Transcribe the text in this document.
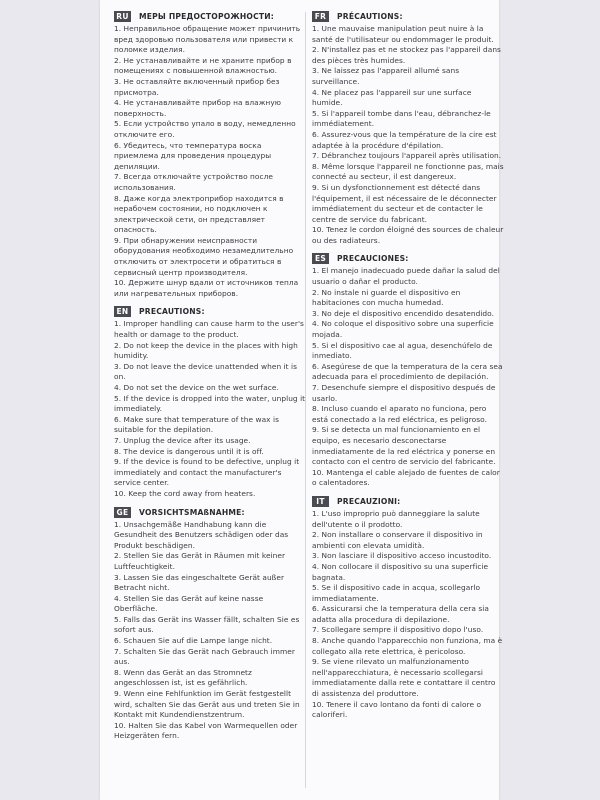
RU МЕРЫ ПРЕДОСТОРОЖНОСТИ:
1. Неправильное обращение может причинить вред здоровью пользователя или привести к поломке изделия.
2. Не устанавливайте и не храните прибор в помещениях с повышенной влажностью.
3. Не оставляйте включенный прибор без присмотра.
4. Не устанавливайте прибор на влажную поверхность.
5. Если устройство упало в воду, немедленно отключите его.
6. Убедитесь, что температура воска приемлема для проведения процедуры депиляции.
7. Всегда отключайте устройство после использования.
8. Даже когда электроприбор находится в нерабочем состоянии, но подключен к электрической сети, он представляет опасность.
9. При обнаружении неисправности оборудования необходимо незамедлительно отключить от электросети и обратиться в сервисный центр производителя.
10. Держите шнур вдали от источников тепла или нагревательных приборов.
EN	PRECAUTIONS:
1. Improper handling can cause harm to the user's health or damage to the product.
2. Do not keep the device in the places with high humidity.
3. Do not leave the device unattended when it is on.
4. Do not set the device on the wet surface.
5. If the device is dropped into the water, unplug it immediately.
6. Make sure that temperature of the wax is suitable for the depilation.
7. Unplug the device after its usage.
8. The device is dangerous until it is off.
9. If the device is found to be defective, unplug it immediately and contact the manufacturer's service center.
10. Keep the cord away from heaters.
GE	VORSICHTSMAßNAHME:
1. Unsachgemäße Handhabung kann die Gesundheit des Benutzers schädigen oder das Produkt beschädigen.
2. Stellen Sie das Gerät in Räumen mit keiner Luftfeuchtigkeit.
3. Lassen Sie das eingeschaltete Gerät außer Betracht nicht.
4. Stellen Sie das Gerät auf keine nasse Oberfläche.
5. Falls das Gerät ins Wasser fällt, schalten Sie es sofort aus.
6. Schauen Sie auf die Lampe lange nicht.
7. Schalten Sie das Gerät nach Gebrauch immer aus.
8. Wenn das Gerät an das Stromnetz angeschlossen ist, ist es gefährlich.
9. Wenn eine Fehlfunktion im Gerät festgestellt wird, schalten Sie das Gerät aus und treten Sie in Kontakt mit Kundendienstzentrum.
10. Halten Sie das Kabel von Warmequellen oder Heizgeräten fern.
FR	PRÉCAUTIONS:
1. Une mauvaise manipulation peut nuire à la santé de l'utilisateur ou endommager le produit.
2. N'installez pas et ne stockez pas l'appareil dans des pièces très humides.
3. Ne laissez pas l'appareil allumé sans surveillance.
4. Ne placez pas l'appareil sur une surface humide.
5. Si l'appareil tombe dans l'eau, débranchez-le immédiatement.
6. Assurez-vous que la température de la cire est adaptée à la procédure d'épilation.
7. Débranchez toujours l'appareil après utilisation.
8. Même lorsque l'appareil ne fonctionne pas, mais connecté au secteur, il est dangereux.
9. Si un dysfonctionnement est détecté dans l'équipement, il est nécessaire de le déconnecter immédiatement du secteur et de contacter le centre de service du fabricant.
10. Tenez le cordon éloigné des sources de chaleur ou des radiateurs.
ES	PRECAUCIONES:
1. El manejo inadecuado puede dañar la salud del usuario o dañar el producto.
2. No instale ni guarde el dispositivo en habitaciones con mucha humedad.
3. No deje el dispositivo encendido desatendido.
4. No coloque el dispositivo sobre una superficie mojada.
5. Si el dispositivo cae al agua, desenchúfelo de inmediato.
6. Asegúrese de que la temperatura de la cera sea adecuada para el procedimiento de depilación.
7. Desenchufe siempre el dispositivo después de usarlo.
8. Incluso cuando el aparato no funciona, pero está conectado a la red eléctrica, es peligroso.
9. Si se detecta un mal funcionamiento en el equipo, es necesario desconectarse inmediatamente de la red eléctrica y ponerse en contacto con el centro de servicio del fabricante.
10. Mantenga el cable alejado de fuentes de calor o calentadores.
IT	PRECAUZIONI:
1. L'uso improprio può danneggiare la salute dell'utente o il prodotto.
2. Non installare o conservare il dispositivo in ambienti con elevata umidità.
3. Non lasciare il dispositivo acceso incustodito.
4. Non collocare il dispositivo su una superficie bagnata.
5. Se il dispositivo cade in acqua, scollegarlo immediatamente.
6. Assicurarsi che la temperatura della cera sia adatta alla procedura di depilazione.
7. Scollegare sempre il dispositivo dopo l'uso.
8. Anche quando l'apparecchio non funziona, ma è collegato alla rete elettrica, è pericoloso.
9. Se viene rilevato un malfunzionamento nell'apparecchiatura, è necessario scollegarsi immediatamente dalla rete e contattare il centro di assistenza del produttore.
10. Tenere il cavo lontano da fonti di calore o caloriferi.
